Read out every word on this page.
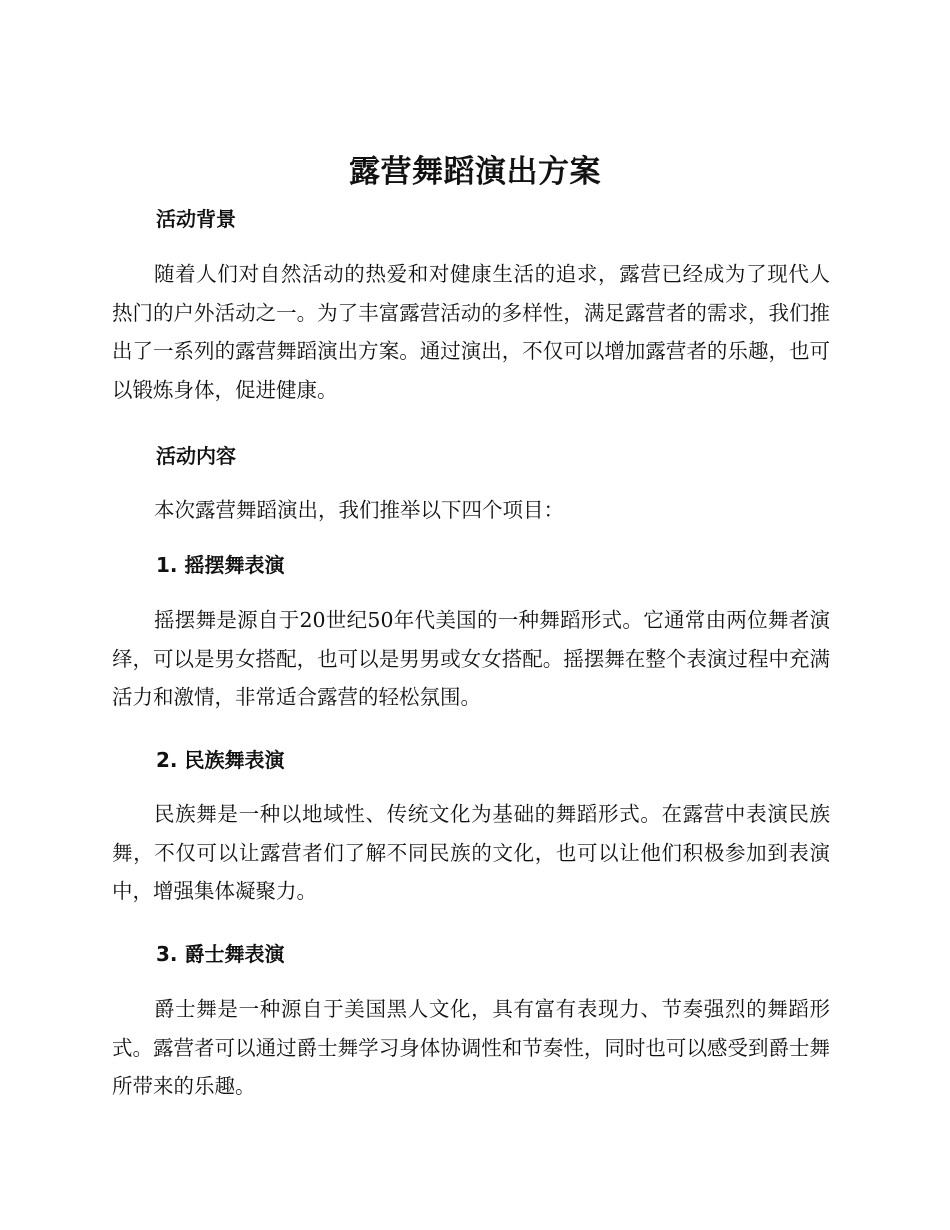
露营舞蹈演出方案
活动背景
随着人们对自然活动的热爱和对健康生活的追求，露营已经成为了现代人热门的户外活动之一。为了丰富露营活动的多样性，满足露营者的需求，我们推出了一系列的露营舞蹈演出方案。通过演出，不仅可以增加露营者的乐趣，也可以锻炼身体，促进健康。
活动内容
本次露营舞蹈演出，我们推举以下四个项目：
1. 摇摆舞表演
摇摆舞是源自于20世纪50年代美国的一种舞蹈形式。它通常由两位舞者演绎，可以是男女搭配，也可以是男男或女女搭配。摇摆舞在整个表演过程中充满活力和激情，非常适合露营的轻松氛围。
2. 民族舞表演
民族舞是一种以地域性、传统文化为基础的舞蹈形式。在露营中表演民族舞，不仅可以让露营者们了解不同民族的文化，也可以让他们积极参加到表演中，增强集体凝聚力。
3. 爵士舞表演
爵士舞是一种源自于美国黑人文化，具有富有表现力、节奏强烈的舞蹈形式。露营者可以通过爵士舞学习身体协调性和节奏性，同时也可以感受到爵士舞所带来的乐趣。
